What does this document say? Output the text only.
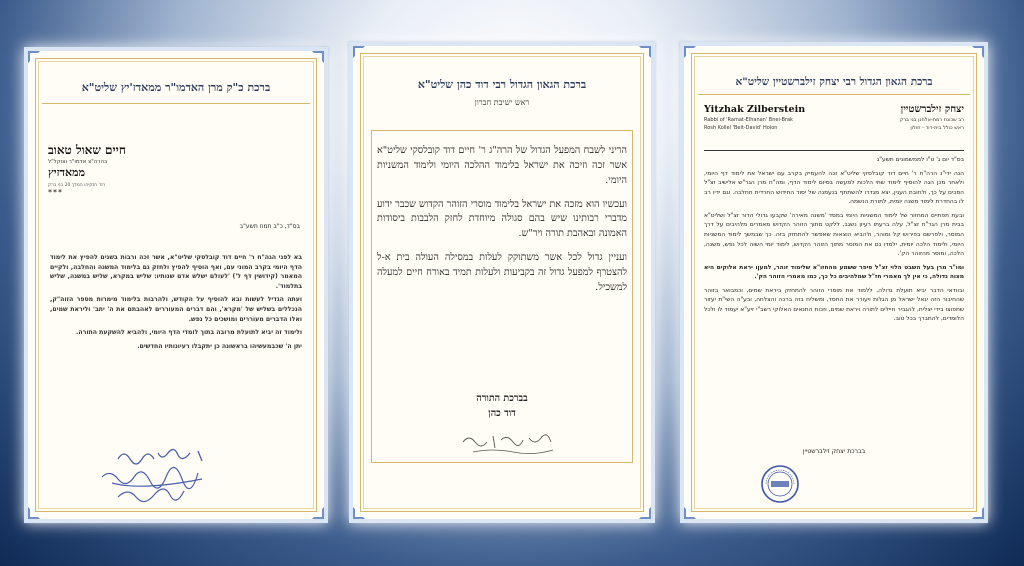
ברכת כ"ק מרן האדמו"ר ממאדז'יץ שליט"א
חיים שאול טאוב
בהרה"צ אדמו"ר וצוקל"ל
ממאדזיץ
רח' חזקיהו המלך 20 בני ברק
***
בס"ד, כ"ב תמוז תשע"ב

בא לפני הגה"ח ר' חיים דוד קובלסקי שליט"א, אשר זכה ורבות בשנים להפיץ את לימוד הדף היומי בקרב המוני עם, ואף הוסיף להפיץ ולחזק גם בלימוד המשנה והחלבה, ולקיים המאמר (קידושין דף ל') 'לעולם ישלש אדם שנותיו: שליש במקרא, שליש במשנה, שליש בתלמוד'.

ועתה הגדיל לעשות ובא להוסיף על הקודש, ולהרבות בלימוד מימרות מספר הזוה"ק, הנכללים בשליש של 'מקרא', והם דברים המעוררים לאהבתם את ה' יתב' וליראת שמים, ואלו הדברים מעוררים ומושכים כל נפש.

ולימוד זה יביא לתועלת מרובה בתוך לומדי הדף היומי, ולהביא להשקעת התורה.

יתן ה' שכבמעשיהו בראשונה כן יתקבלו רעיונותיו החדשים.

ברכת הגאון הגדול רבי דוד כהן שליט"א
ראש ישיבת חברון

הריני לשבח המפעל הגדול של הרה"ג ר' חיים דוד קובלסקי שליט"א אשר זכה וזיכה את ישראל בלימוד ההלכה היומי ולימוד המשניות היומי.

ועכשיו הוא מזכה את ישראל בלימוד מוסרי הזוהר הקדוש שכבר ידוע מדברי רבותינו שיש בהם סגולה מיוחדת לחזק הלבבות ביסודות האמונה ובאהבת תורה ויר"ש.

ועניין גדול לכל אשר משתוקק לעלות במסילה העולה בית א-ל להצטרף למפעל גדול זה בקביעות ולעלות תמיד באורח חיים למעלה למשכיל.

בברכת התורה
דוד כהן
ברכת הגאון הגדול רבי יצחק זילברשטיין שליט"א
יצחק זילברשטיין
רב שכונת רמת-אלחנן בני ברק
ראש כולל בית-דוד - חולון
Yitzhak Zilberstein
Rabbi of 'Ramat-Elhanan' Bnei-Brak
Rosh Kollel 'Beit-David' Holon

בס"ד יום ג' ט"ו לממשמונים תשע"ג

הנה ידי"נ הרה"ח ר' חיים דוד קובלסקי שליט"א זכה להעמיק בקרב עם ישראל את לימוד דף היומי, ולאחר מכן הגה להוסיף לימוד שתי הלכות למעשה בסיום לימוד הדף, ומה"ח מרן הגר"ש אלישיב זצ"ל הסכים על כך, ולחובת הענין, יצא מגדרו להשתתף בנעמנה של יסוד החידוש החרדית חחלבה. וגם ידיו רב לו בהחדרת לימוד משנה יומית, לתורת הנשמה.

ובעת תפתיים המחזור של לימוד המשניות היומי במסד 'משנה מאירה' שקבעו גדולי הדור זצ"ל ושליט"א בבית מרן הגר"ח זצ"ל, עלה ברעתו רעיון נשגב, ללקט מתוך הזוהר הקדוש מאמרים מלהיבים על דרך המוסר, ולפרשם בפירוש קל ומוהר, ולהביא הוצאות שאפשר להתחזק בזה. כך שבמשך לימוד המשניות היומי, ולימוד הלכה יומית, ילמדו גם את המוסר מתוך הזוהר הקדוש, לימוד יומי השוה לכל נפש, משנה, הלכה, ומוסר מהזוהר הק'.

ומו"ר מרן בעל השבט הלוי זצ"ל סיפר ששמע מהחזו"א שלימוד זוהר, למעןו יראת אלוקים היא מצוה גדולה, כי אין לך מאמרי חז"ל שמלהיבים כל כך, כמו מאמרי הזוהר הק'.

ובוודאי הדבר יביא תועלת גדולה, ללמוד את מוסרי הזוהר להתחזק ביראת שמים, וכמבואר בזוהר שהחיבור הזה יגאל ישראל מן הגלות ויעורר את החסד, ומשליח בזה ברכה והצלחה, ובע"ה השי"ת יעזור שתפוצו בידי יצליח, להגביר חיילים לתורה ויראת שמים, וזכות התנאים האלוקי רשב"י זיע"א יעמוד לו ולכל הלומדים, להתברך בכל טוב.

בברכת יצחק זילברשטיין
